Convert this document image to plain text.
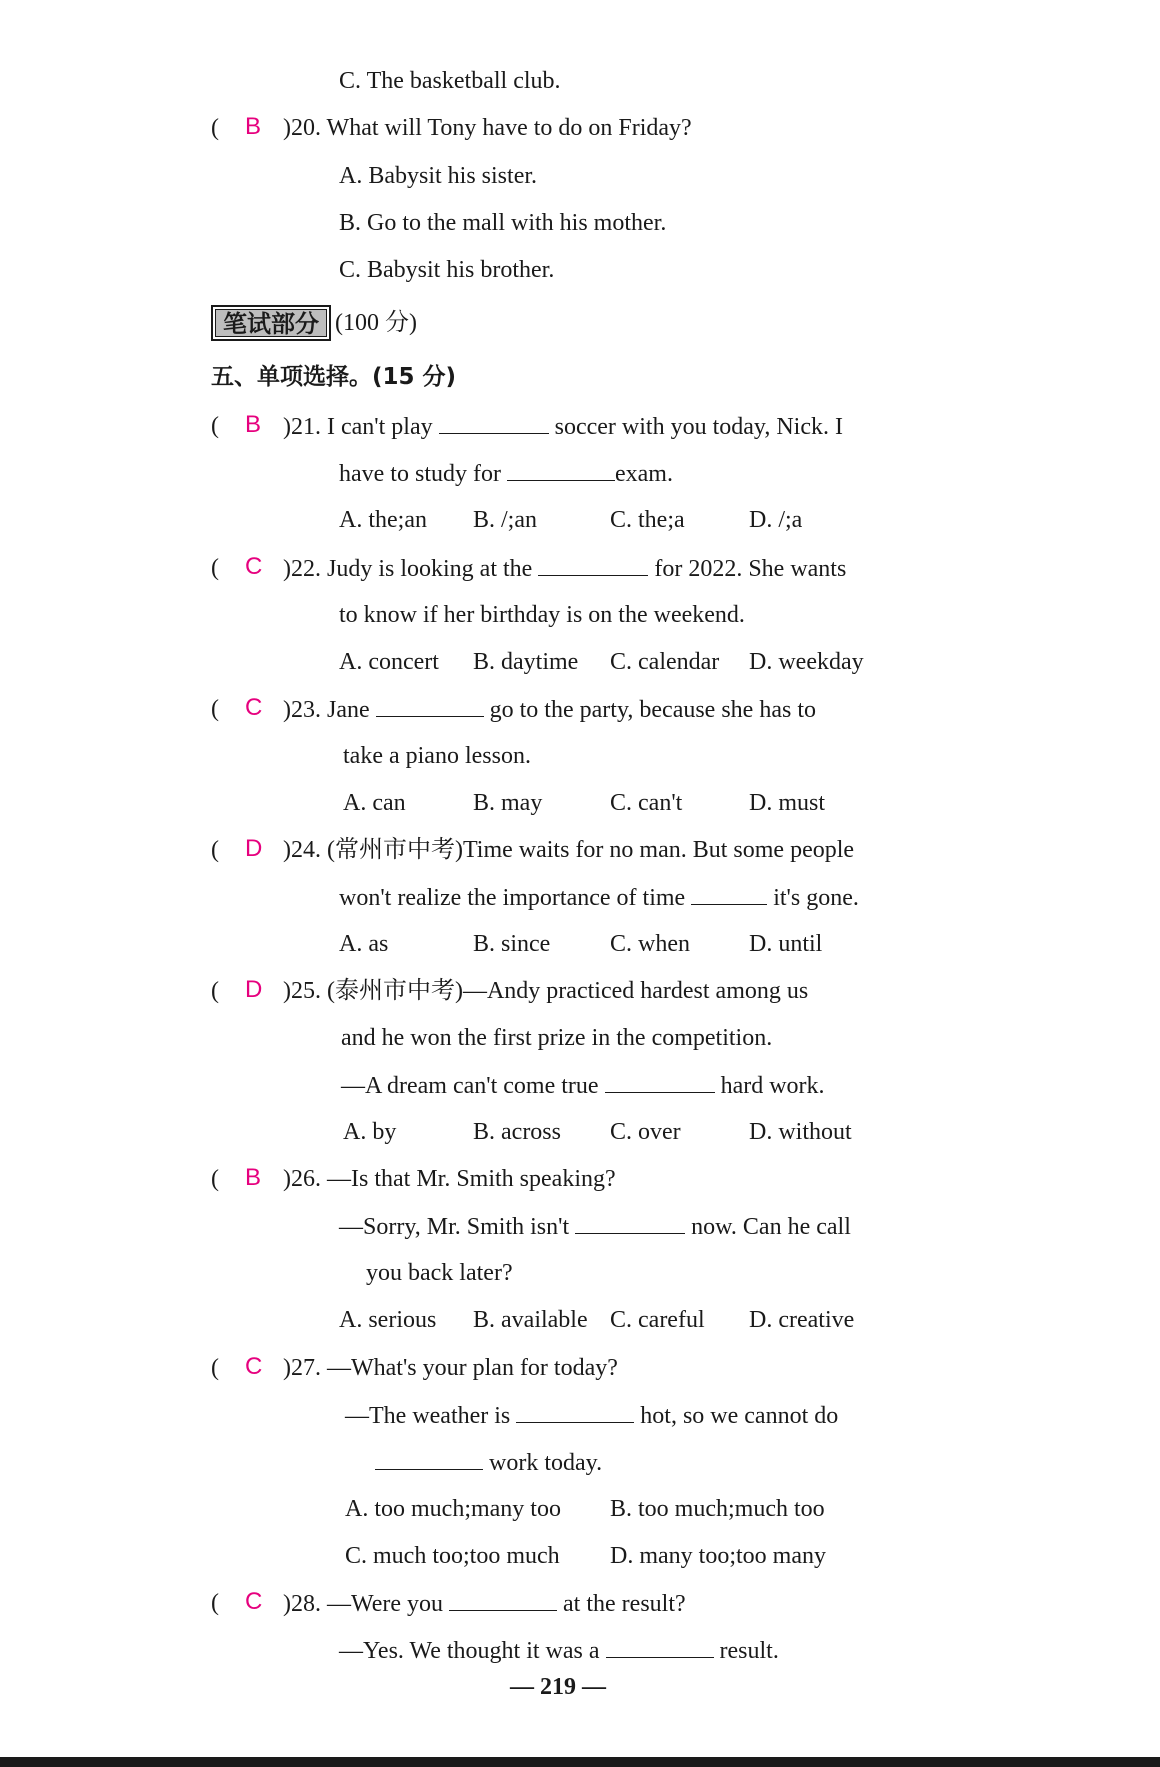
C. The basketball club.
( B )20. What will Tony have to do on Friday?
A. Babysit his sister.
B. Go to the mall with his mother.
C. Babysit his brother.
笔试部分 (100 分)
五、单项选择。(15 分)
( B )21. I can't play	soccer with you today, Nick. I
have to study for	exam.
A. the;an B. /;an	C. the;a	D. /;a
( C )22. Judy is looking at the	for 2022. She wants
to know if her birthday is on the weekend.
A. concert B. daytime C. calendar D. weekday
( C )23. Jane	go to the party, because she has to
take a piano lesson.
A. can	B. may	C. can't	D. must
( D )24. (常州市中考)Time waits for no man. But some people
won't realize the importance of time	it's gone.
A. as	B. since C. when D. until
( D )25. (泰州市中考)—Andy practiced hardest among us
and he won the first prize in the competition.
—A dream can't come true	hard work.
A. by	B. across C. over	D. without
( B )26. —Is that Mr. Smith speaking?
—Sorry, Mr. Smith isn't	now. Can he call
you back later?
A. serious B. available C. careful D. creative
( C )27. —What's your plan for today?
—The weather is	hot, so we cannot do
work today.
A. too much;many too B. too much;much too
C. much too;too much D. many too;too many
( C )28. —Were you	at the result?
—Yes. We thought it was a	result.
— 219 —
